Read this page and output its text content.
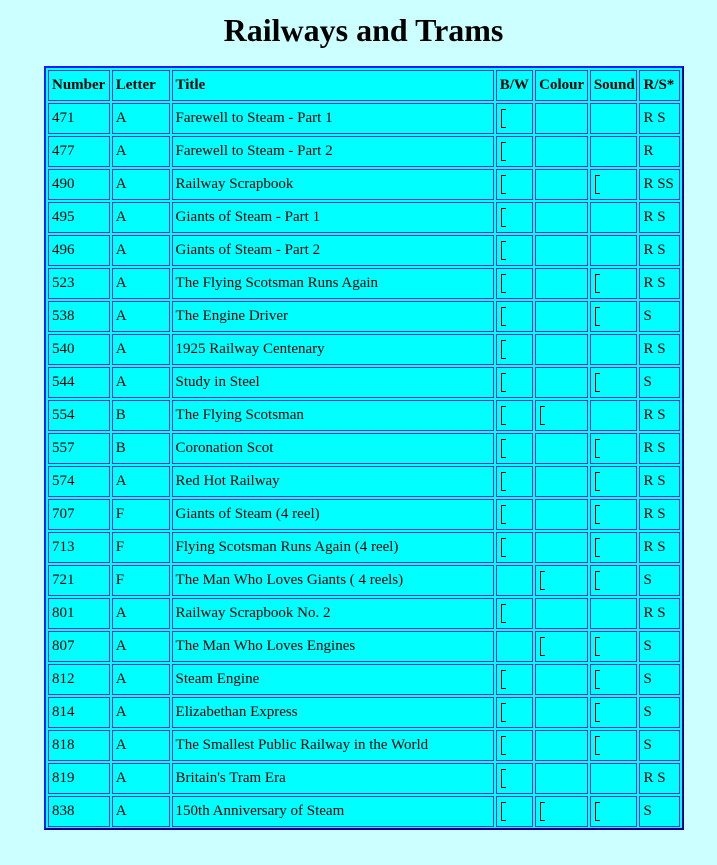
Railways and Trams
Number	Letter	Title	B/W	Colour	Sound	R/S*
471	A	Farewell to Steam - Part 1				R S
477	A	Farewell to Steam - Part 2				R
490	A	Railway Scrapbook				R SS
495	A	Giants of Steam - Part 1				R S
496	A	Giants of Steam - Part 2				R S
523	A	The Flying Scotsman Runs Again				R S
538	A	The Engine Driver				S
540	A	1925 Railway Centenary				R S
544	A	Study in Steel				S
554	B	The Flying Scotsman				R S
557	B	Coronation Scot				R S
574	A	Red Hot Railway				R S
707	F	Giants of Steam (4 reel)				R S
713	F	Flying Scotsman Runs Again (4 reel)				R S
721	F	The Man Who Loves Giants ( 4 reels)				S
801	A	Railway Scrapbook No. 2				R S
807	A	The Man Who Loves Engines				S
812	A	Steam Engine				S
814	A	Elizabethan Express				S
818	A	The Smallest Public Railway in the World				S
819	A	Britain's Tram Era				R S
838	A	150th Anniversary of Steam				S
